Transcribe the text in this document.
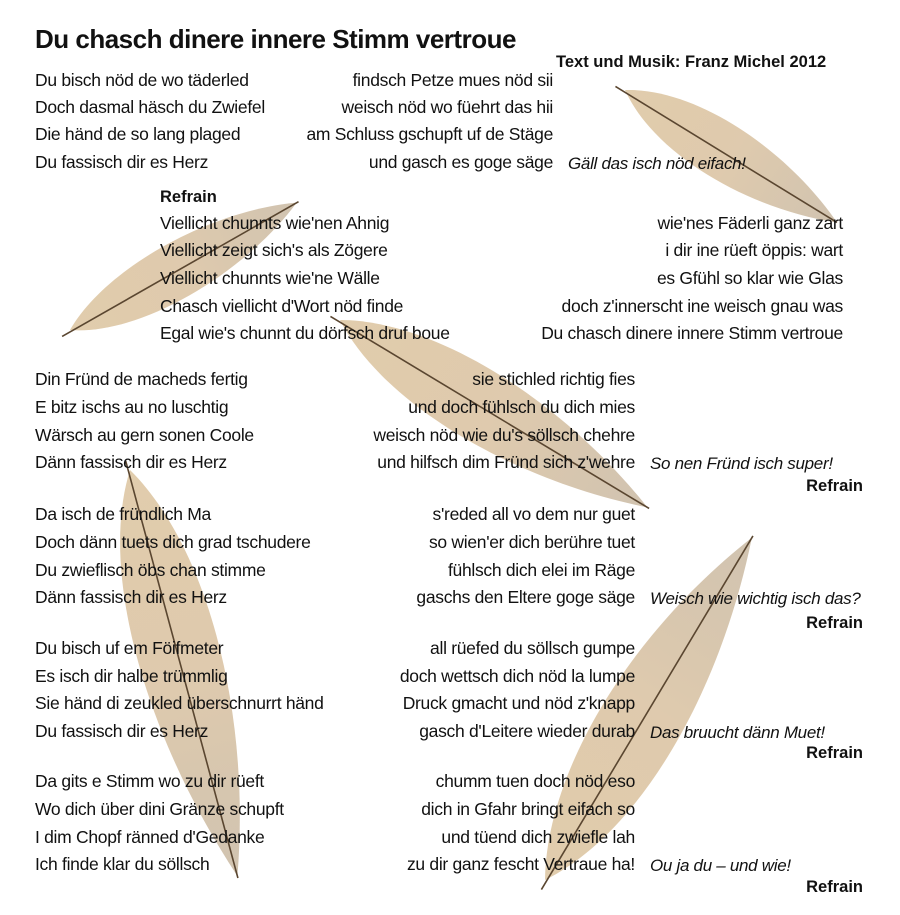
Du chasch dinere innere Stimm vertroue
Text und Musik: Franz Michel 2012
Du bisch nöd de wo täderled	findsch Petze mues nöd sii
Doch dasmal häsch du Zwiefel	weisch nöd wo füehrt das hii
Die händ de so lang plaged	am Schluss gschupft uf de Stäge
Du fassisch dir es Herz	und gasch es goge säge Gäll das isch nöd eifach!
Refrain
Viellicht chunnts wie'nen Ahnig	wie'nes Fäderli ganz zart
Viellicht zeigt sich's als Zögere	i dir ine rüeft öppis: wart
Viellicht chunnts wie'ne Wälle	es Gfühl so klar wie Glas
Chasch viellicht d'Wort nöd finde	doch z'innerscht ine weisch gnau was
Egal wie's chunnt du dörfsch druf boue	Du chasch dinere innere Stimm vertroue
Din Fründ de macheds fertig	sie stichled richtig fies
E bitz ischs au no luschtig	und doch fühlsch du dich mies
Wärsch au gern sonen Coole	weisch nöd wie du's söllsch chehre
Dänn fassisch dir es Herz	und hilfsch dim Fründ sich z'wehre So nen Fründ isch super!
Refrain
Da isch de fründlich Ma	s'reded all vo dem nur guet
Doch dänn tuets dich grad tschudere	so wien'er dich berühre tuet
Du zwieflisch öbs chan stimme	fühlsch dich elei im Räge
Dänn fassisch dir es Herz	gaschs den Eltere goge säge Weisch wie wichtig isch das?
Refrain
Du bisch uf em Föifmeter	all rüefed du söllsch gumpe
Es isch dir halbe trümmlig	doch wettsch dich nöd la lumpe
Sie händ di zeukled überschnurrt händ	Druck gmacht und nöd z'knapp
Du fassisch dir es Herz	gasch d'Leitere wieder durab Das bruucht dänn Muet!
Refrain
Da gits e Stimm wo zu dir rüeft	chumm tuen doch nöd eso
Wo dich über dini Gränze schupft	dich in Gfahr bringt eifach so
I dim Chopf ränned d'Gedanke	und tüend dich zwiefle lah
Ich finde klar du söllsch	zu dir ganz fescht Vertraue ha! Ou ja du – und wie!
Refrain
